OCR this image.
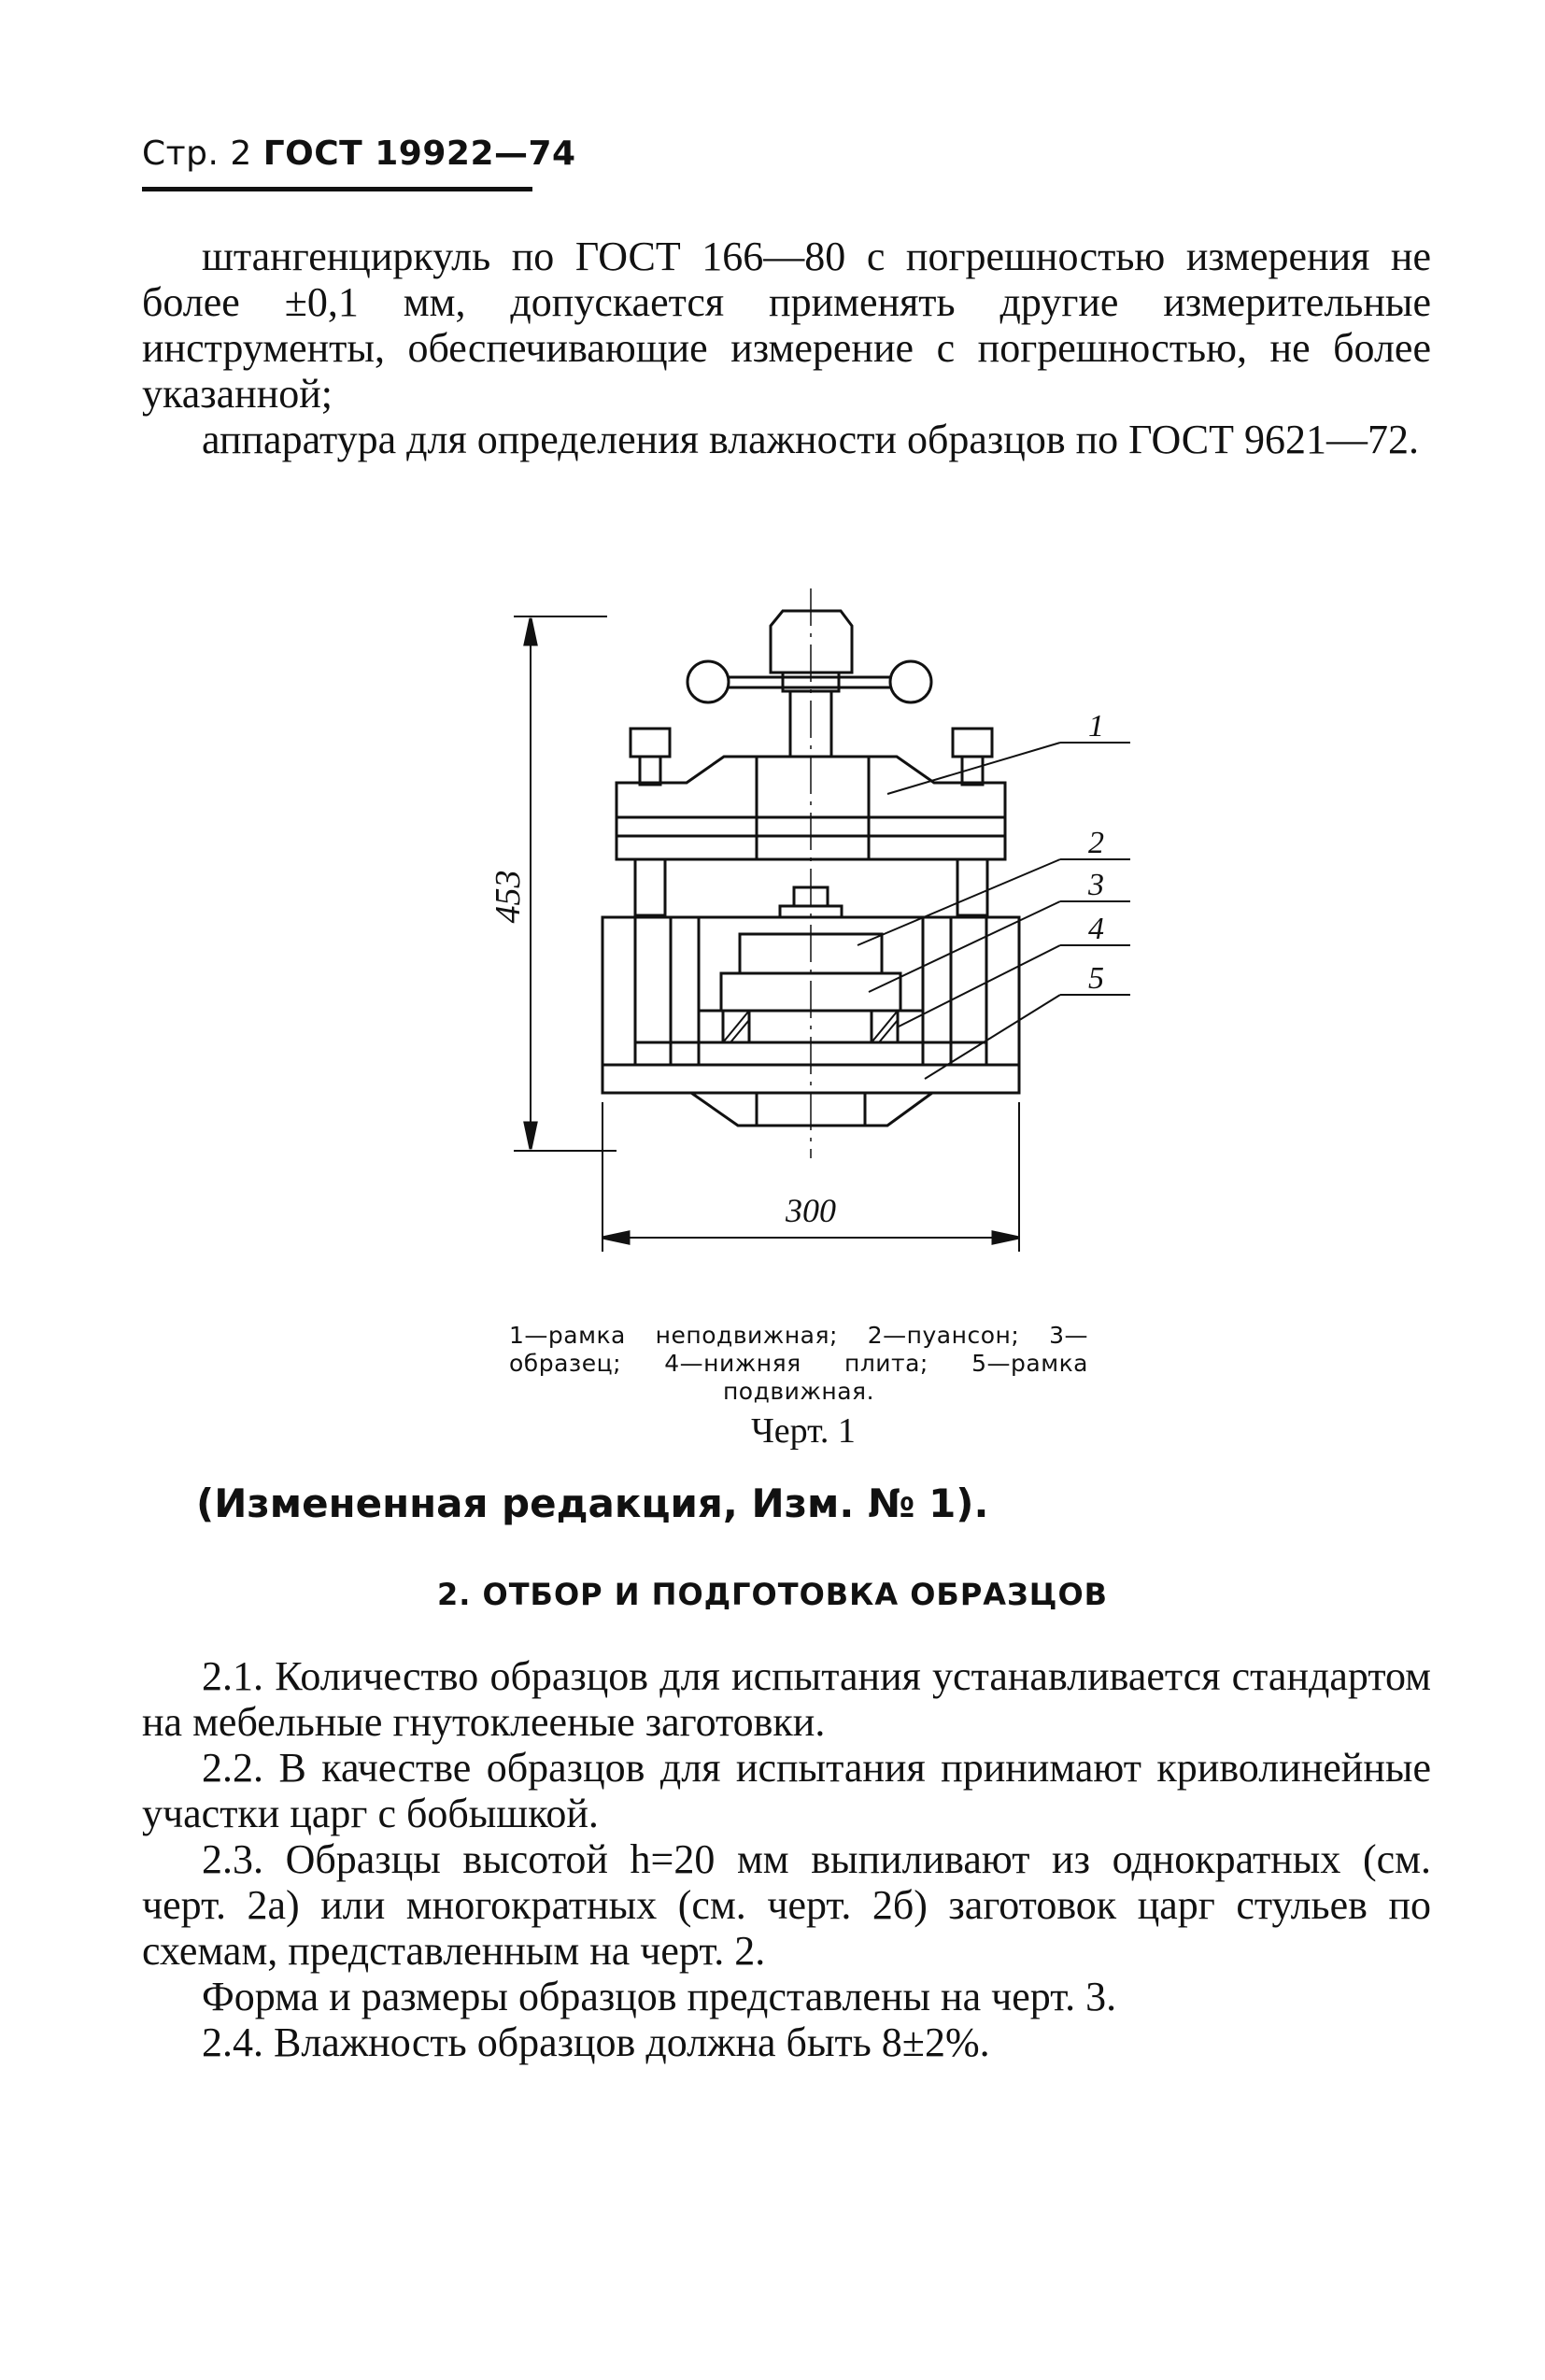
Стр. 2 ГОСТ 19922—74

штангенциркуль по ГОСТ 166—80 с погрешностью измерения не более ±0,1 мм, допускается применять другие измерительные инструменты, обеспечивающие измерение с погрешностью, не более указанной;

аппаратура для определения влажности образцов по ГОСТ 9621—72.

453
300
1
2
3
4
5
1—рамка неподвижная; 2—пуансон; 3—образец; 4—нижняя плита; 5—рамка подвижная.
Черт. 1
(Измененная редакция, Изм. № 1).
2. ОТБОР И ПОДГОТОВКА ОБРАЗЦОВ

2.1. Количество образцов для испытания устанавливается стандартом на мебельные гнутоклееные заготовки.

2.2. В качестве образцов для испытания принимают криволинейные участки царг с бобышкой.

2.3. Образцы высотой h=20 мм выпиливают из однократных (см. черт. 2а) или многократных (см. черт. 2б) заготовок царг стульев по схемам, представленным на черт. 2.

Форма и размеры образцов представлены на черт. 3.

2.4. Влажность образцов должна быть 8±2%.
